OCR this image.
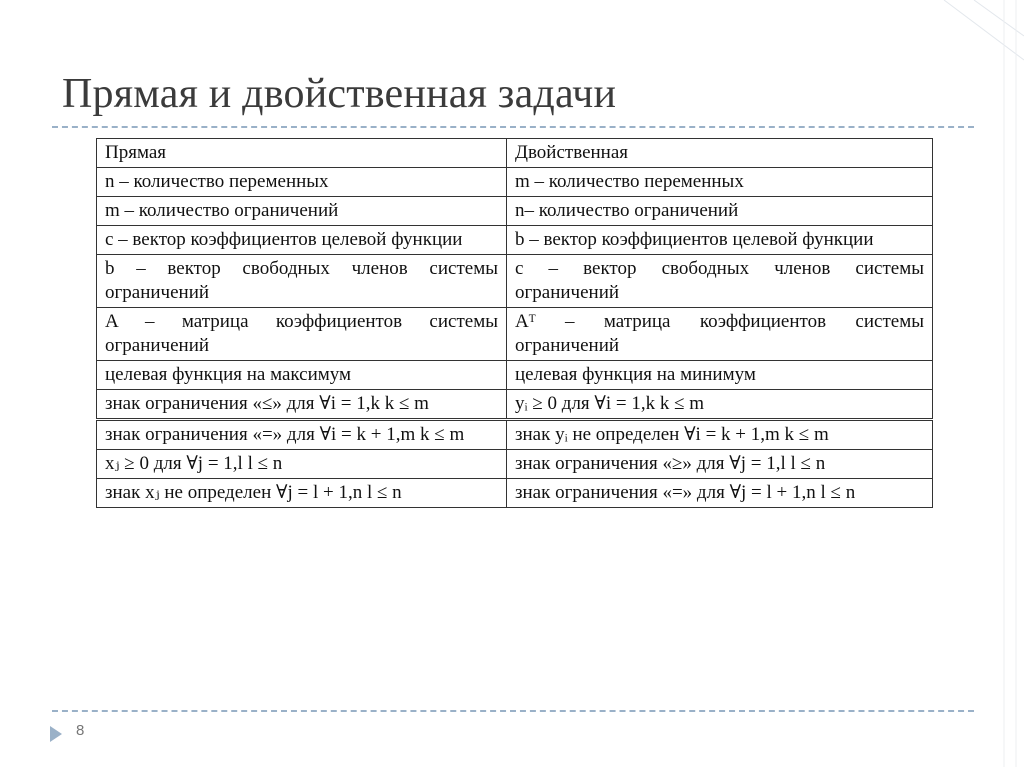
Прямая и двойственная задачи
Прямая	Двойственная
n – количество переменных	m – количество переменных
m – количество ограничений	n– количество ограничений
c – вектор коэффициентов целевой функции	b – вектор коэффициентов целевой функции
b – вектор свободных членов системы ограничений	c – вектор свободных членов системы ограничений
A – матрица коэффициентов системы ограничений	Aᵀ – матрица коэффициентов системы ограничений
целевая функция на максимум	целевая функция на минимум
знак ограничения «≤» для ∀i = 1,k k ≤ m	yᵢ ≥ 0 для ∀i = 1,k k ≤ m
знак ограничения «=» для ∀i = k + 1,m k ≤ m	знак yᵢ не определен ∀i = k + 1,m k ≤ m
xⱼ ≥ 0 для ∀j = 1,l l ≤ n	знак ограничения «≥» для ∀j = 1,l l ≤ n
знак xⱼ не определен ∀j = l + 1,n l ≤ n	знак ограничения «=» для ∀j = l + 1,n l ≤ n
8
